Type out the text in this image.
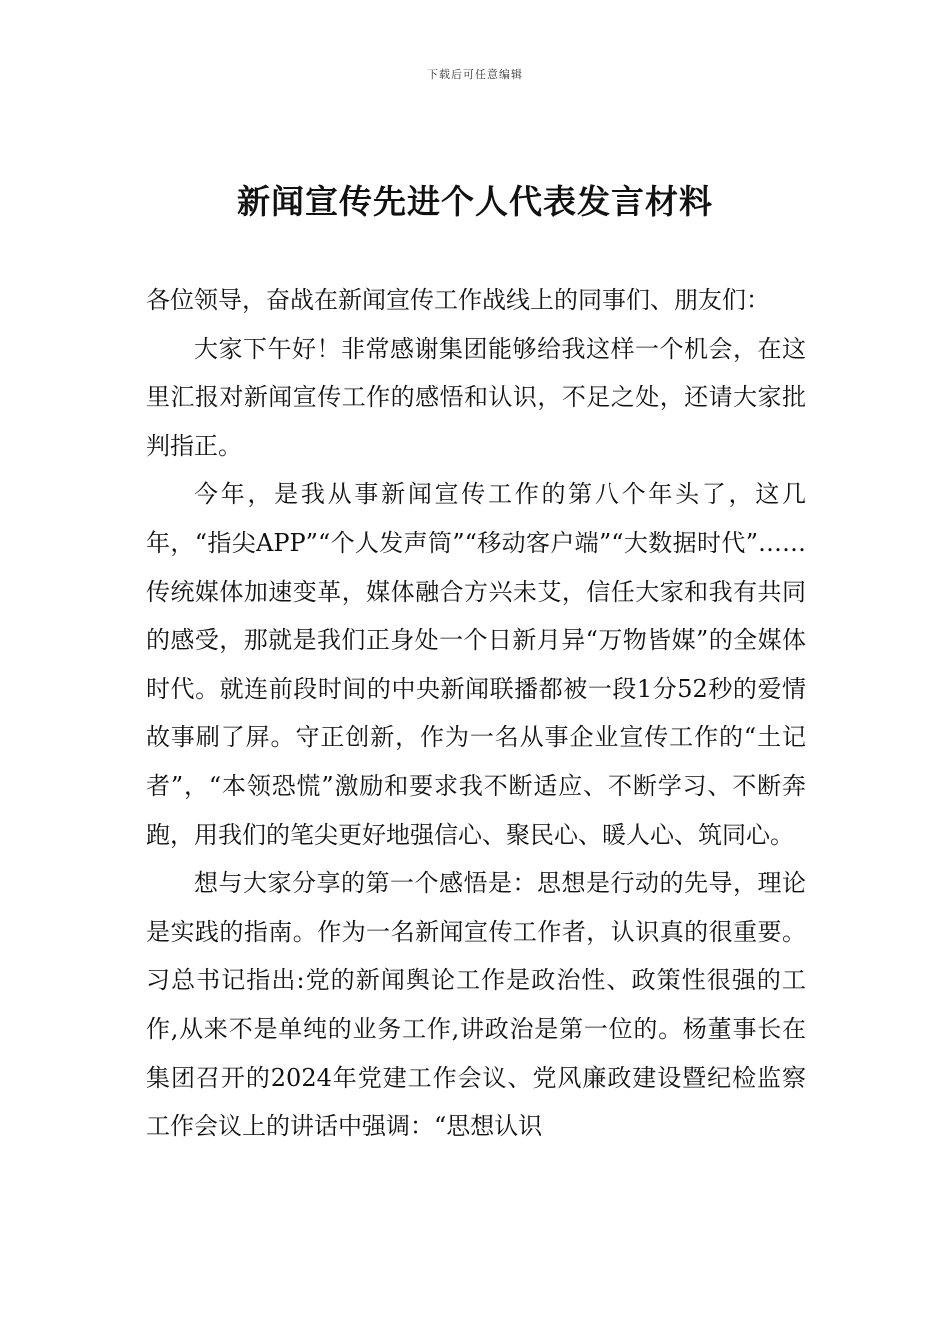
下载后可任意编辑
新闻宣传先进个人代表发言材料

各位领导，奋战在新闻宣传工作战线上的同事们、朋友们：

大家下午好！非常感谢集团能够给我这样一个机会，在这里汇报对新闻宣传工作的感悟和认识，不足之处，还请大家批判指正。

今年，是我从事新闻宣传工作的第八个年头了，这几年，“指尖APP”“个人发声筒”“移动客户端”“大数据时代”……传统媒体加速变革，媒体融合方兴未艾，信任大家和我有共同的感受，那就是我们正身处一个日新月异“万物皆媒”的全媒体时代。就连前段时间的中央新闻联播都被一段1分52秒的爱情故事刷了屏。守正创新，作为一名从事企业宣传工作的“土记者”，“本领恐慌”激励和要求我不断适应、不断学习、不断奔跑，用我们的笔尖更好地强信心、聚民心、暖人心、筑同心。

想与大家分享的第一个感悟是：思想是行动的先导，理论是实践的指南。作为一名新闻宣传工作者，认识真的很重要。习总书记指出:党的新闻舆论工作是政治性、政策性很强的工作,从来不是单纯的业务工作,讲政治是第一位的。杨董事长在集团召开的2024年党建工作会议、党风廉政建设暨纪检监察工作会议上的讲话中强调：“思想认识
